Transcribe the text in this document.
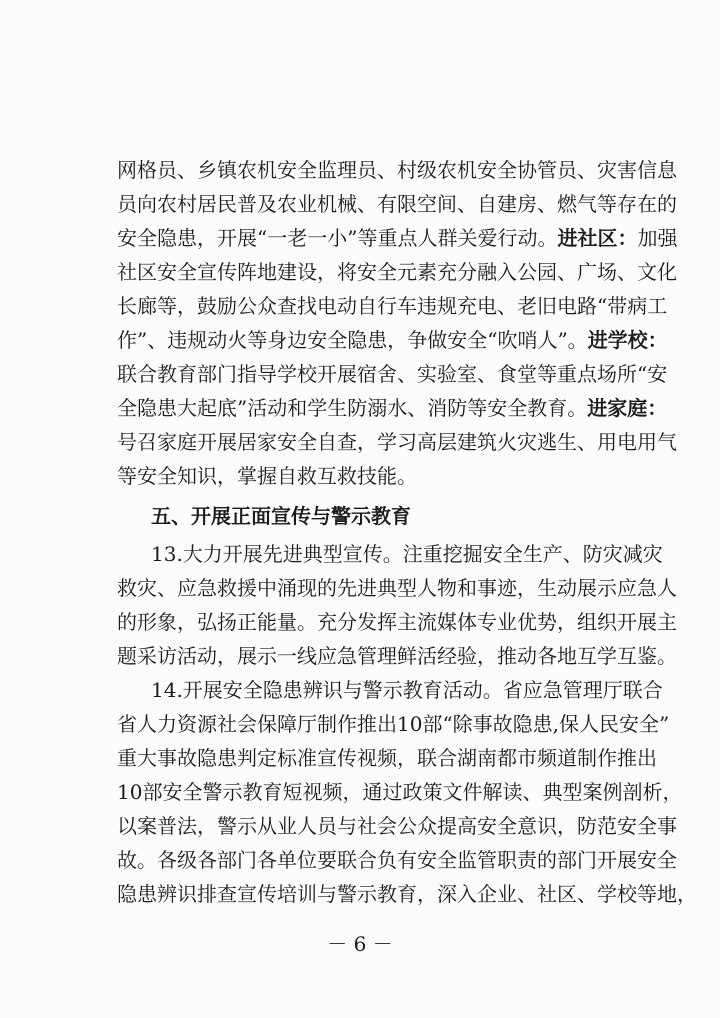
网格员、乡镇农机安全监理员、村级农机安全协管员、灾害信息
员向农村居民普及农业机械、有限空间、自建房、燃气等存在的
安全隐患，开展“一老一小”等重点人群关爱行动。进社区：加强
社区安全宣传阵地建设，将安全元素充分融入公园、广场、文化
长廊等，鼓励公众查找电动自行车违规充电、老旧电路“带病工
作”、违规动火等身边安全隐患，争做安全“吹哨人”。进学校：
联合教育部门指导学校开展宿舍、实验室、食堂等重点场所“安
全隐患大起底”活动和学生防溺水、消防等安全教育。进家庭：
号召家庭开展居家安全自查，学习高层建筑火灾逃生、用电用气
等安全知识，掌握自救互救技能。
五、开展正面宣传与警示教育
13.大力开展先进典型宣传。注重挖掘安全生产、防灾减灾
救灾、应急救援中涌现的先进典型人物和事迹，生动展示应急人
的形象，弘扬正能量。充分发挥主流媒体专业优势，组织开展主
题采访活动，展示一线应急管理鲜活经验，推动各地互学互鉴。
14.开展安全隐患辨识与警示教育活动。省应急管理厅联合
省人力资源社会保障厅制作推出10部“除事故隐患,保人民安全”
重大事故隐患判定标准宣传视频，联合湖南都市频道制作推出
10部安全警示教育短视频，通过政策文件解读、典型案例剖析，
以案普法，警示从业人员与社会公众提高安全意识，防范安全事
故。各级各部门各单位要联合负有安全监管职责的部门开展安全
隐患辨识排查宣传培训与警示教育，深入企业、社区、学校等地，
－ 6 －
